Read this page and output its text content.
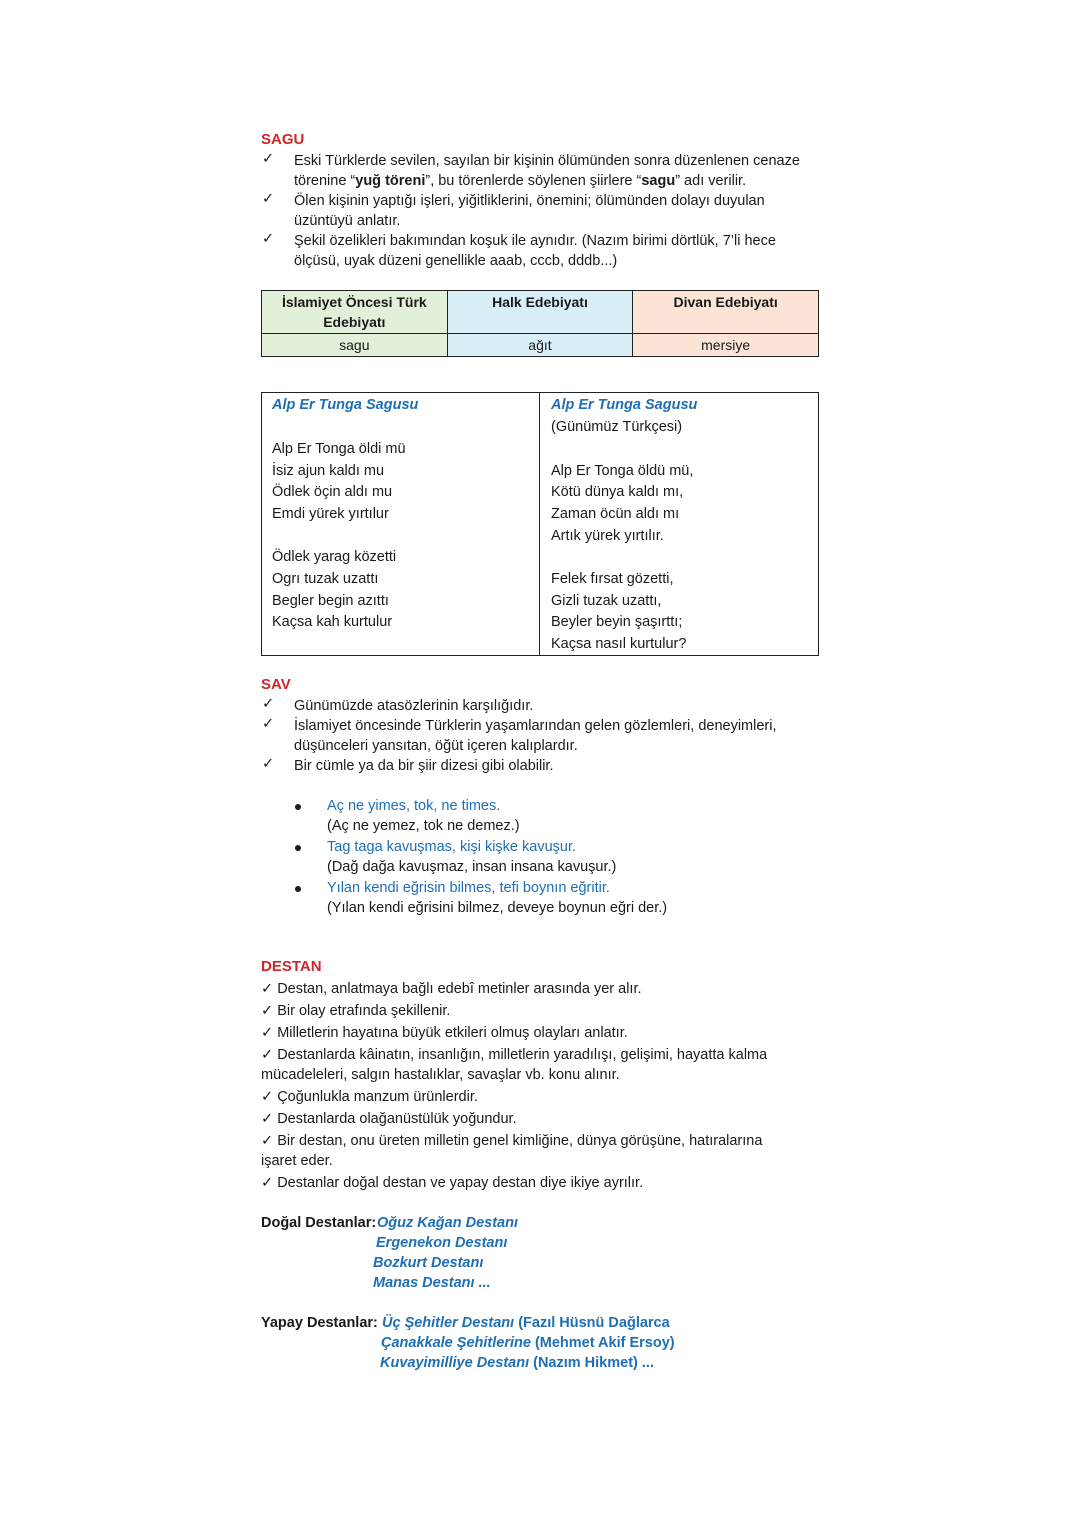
SAGU
✓ Eski Türklerde sevilen, sayılan bir kişinin ölümünden sonra düzenlenen cenaze
törenine “yuğ töreni”, bu törenlerde söylenen şiirlere “sagu” adı verilir.
✓ Ölen kişinin yaptığı işleri, yiğitliklerini, önemini; ölümünden dolayı duyulan
üzüntüyü anlatır.
✓ Şekil özelikleri bakımından koşuk ile aynıdır. (Nazım birimi dörtlük, 7’li hece
ölçüsü, uyak düzeni genellikle aaab, cccb, dddb...)
İslamiyet Öncesi Türk
Edebiyatı	Halk Edebiyatı	Divan Edebiyatı
sagu	ağıt	mersiye
Alp Er Tunga Sagusu
Alp Er Tonga öldi mü
İsiz ajun kaldı mu
Ödlek öçin aldı mu
Emdi yürek yırtılur
Ödlek yarag közetti
Ogrı tuzak uzattı
Begler begin azıttı
Kaçsa kah kurtulur
Alp Er Tunga Sagusu
(Günümüz Türkçesi)
Alp Er Tonga öldü mü,
Kötü dünya kaldı mı,
Zaman öcün aldı mı
Artık yürek yırtılır.
Felek fırsat gözetti,
Gizli tuzak uzattı,
Beyler beyin şaşırttı;
Kaçsa nasıl kurtulur?
SAV
✓ Günümüzde atasözlerinin karşılığıdır.
✓ İslamiyet öncesinde Türklerin yaşamlarından gelen gözlemleri, deneyimleri,
düşünceleri yansıtan, öğüt içeren kalıplardır.
✓ Bir cümle ya da bir şiir dizesi gibi olabilir.
Aç ne yimes, tok, ne times.
(Aç ne yemez, tok ne demez.)
Tag taga kavuşmas, kişi kişke kavuşur.
(Dağ dağa kavuşmaz, insan insana kavuşur.)
Yılan kendi eğrisin bilmes, tefi boynın eğritir.
(Yılan kendi eğrisini bilmez, deveye boynun eğri der.)
DESTAN
✓ Destan, anlatmaya bağlı edebî metinler arasında yer alır.
✓ Bir olay etrafında şekillenir.
✓ Milletlerin hayatına büyük etkileri olmuş olayları anlatır.
✓ Destanlarda kâinatın, insanlığın, milletlerin yaradılışı, gelişimi, hayatta kalma
mücadeleleri, salgın hastalıklar, savaşlar vb. konu alınır.
✓ Çoğunlukla manzum ürünlerdir.
✓ Destanlarda olağanüstülük yoğundur.
✓ Bir destan, onu üreten milletin genel kimliğine, dünya görüşüne, hatıralarına
işaret eder.
✓ Destanlar doğal destan ve yapay destan diye ikiye ayrılır.
Doğal Destanlar: Oğuz Kağan Destanı
Ergenekon Destanı
Bozkurt Destanı
Manas Destanı ...
Yapay Destanlar: Üç Şehitler Destanı (Fazıl Hüsnü Dağlarca
Çanakkale Şehitlerine (Mehmet Akif Ersoy)
Kuvayimilliye Destanı (Nazım Hikmet) ...
